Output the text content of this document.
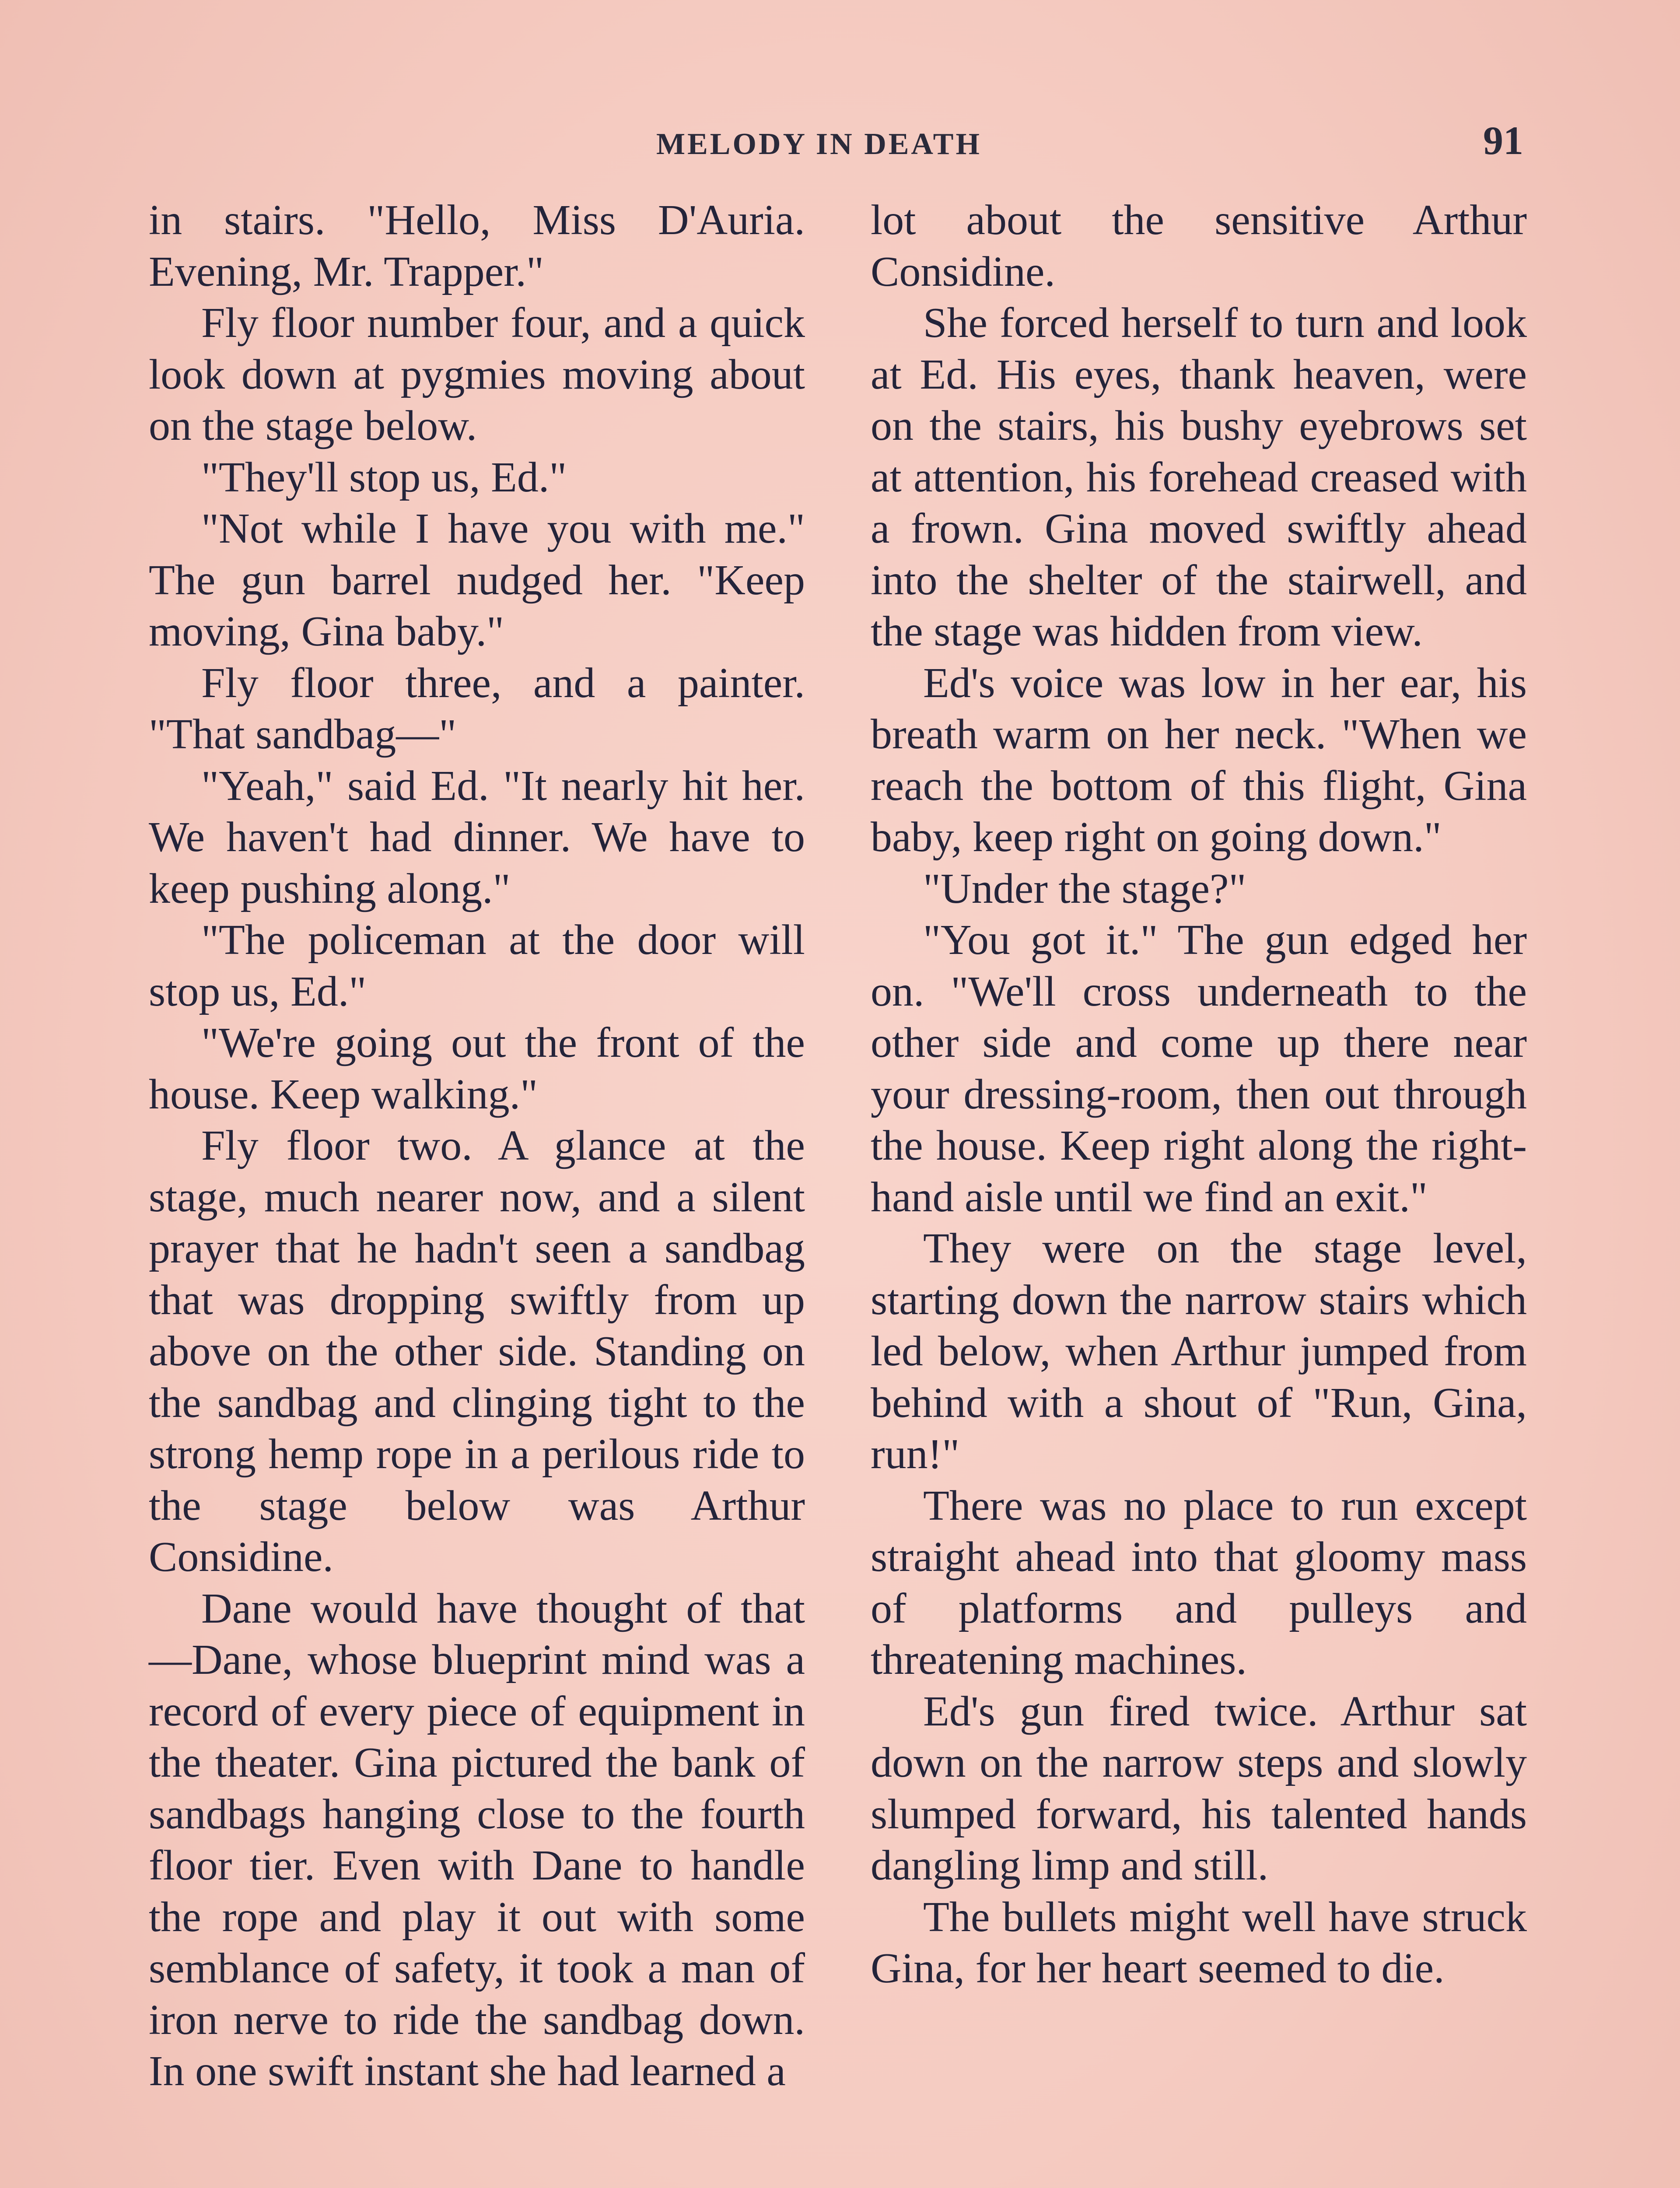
MELODY IN DEATH	91

in stairs. "Hello, Miss D'Auria. Evening, Mr. Trapper."

Fly floor number four, and a quick look down at pygmies moving about on the stage below.

"They'll stop us, Ed."

"Not while I have you with me." The gun barrel nudged her. "Keep moving, Gina baby."

Fly floor three, and a painter. "That sandbag—"

"Yeah," said Ed. "It nearly hit her. We haven't had dinner. We have to keep pushing along."

"The policeman at the door will stop us, Ed."

"We're going out the front of the house. Keep walking."

Fly floor two. A glance at the stage, much nearer now, and a silent prayer that he hadn't seen a sandbag that was dropping swiftly from up above on the other side. Standing on the sandbag and clinging tight to the strong hemp rope in a perilous ride to the stage below was Arthur Considine.

Dane would have thought of that—Dane, whose blueprint mind was a record of every piece of equipment in the theater. Gina pictured the bank of sandbags hanging close to the fourth floor tier. Even with Dane to handle the rope and play it out with some semblance of safety, it took a man of iron nerve to ride the sandbag down. In one swift instant she had learned a

lot about the sensitive Arthur Considine.

She forced herself to turn and look at Ed. His eyes, thank heaven, were on the stairs, his bushy eyebrows set at attention, his forehead creased with a frown. Gina moved swiftly ahead into the shelter of the stairwell, and the stage was hidden from view.

Ed's voice was low in her ear, his breath warm on her neck. "When we reach the bottom of this flight, Gina baby, keep right on going down."

"Under the stage?"

"You got it." The gun edged her on. "We'll cross underneath to the other side and come up there near your dressing-room, then out through the house. Keep right along the right-hand aisle until we find an exit."

They were on the stage level, starting down the narrow stairs which led below, when Arthur jumped from behind with a shout of "Run, Gina, run!"

There was no place to run except straight ahead into that gloomy mass of platforms and pulleys and threatening machines.

Ed's gun fired twice. Arthur sat down on the narrow steps and slowly slumped forward, his talented hands dangling limp and still.

The bullets might well have struck Gina, for her heart seemed to die.
